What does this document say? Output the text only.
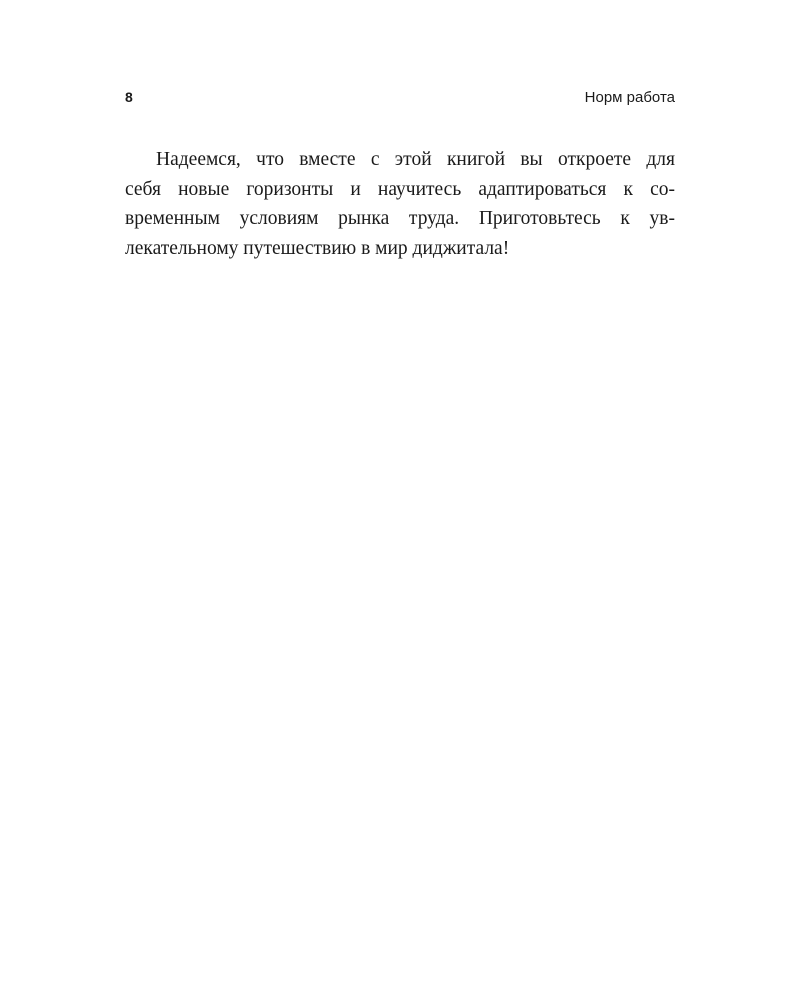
8	Норм работа

Надеемся, что вместе с этой книгой вы откроете для
себя новые горизонты и научитесь адаптироваться к со-
временным условиям рынка труда. Приготовьтесь к ув-
лекательному путешествию в мир диджитала!
